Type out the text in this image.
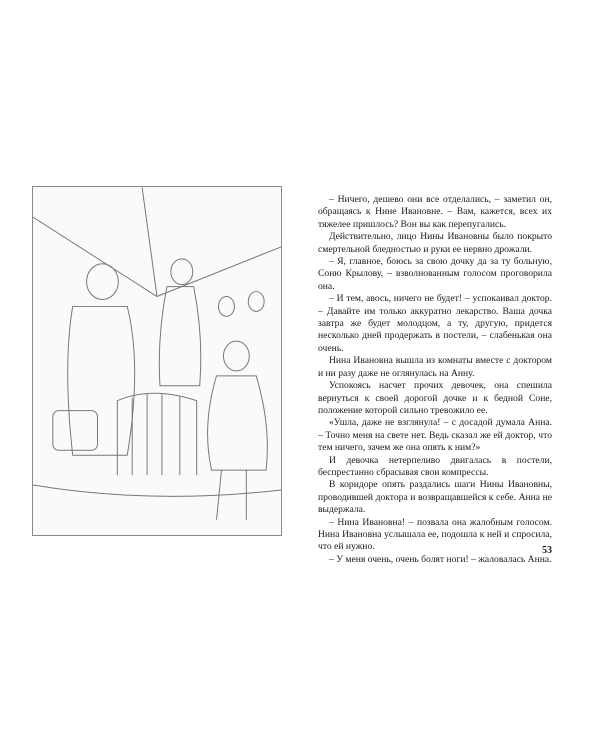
– Ничего, дешево они все отделались, – заметил он, обращаясь к Нине Ивановне. – Вам, кажется, всех их тяжелее пришлось? Вон вы как перепугались.

Действительно, лицо Нины Ивановны было покрыто смертельной бледностью и руки ее нервно дрожали.

– Я, главное, боюсь за свою дочку да за ту больную, Соню Крылову, – взволнованным голосом проговорила она.

– И тем, авось, ничего не будет! – успокаивал доктор. – Давайте им только аккуратно лекарство. Ваша дочка завтра же будет молодцом, а ту, другую, придется несколько дней продержать в постели, – слабенькая она очень.

Нина Ивановна вышла из комнаты вместе с доктором и ни разу даже не оглянулась на Анну.

Успокоясь насчет прочих девочек, она спешила вернуться к своей дорогой дочке и к бедной Соне, положение которой сильно тревожило ее.

«Ушла, даже не взглянула! – с досадой думала Анна. – Точно меня на свете нет. Ведь сказал же ей доктор, что тем ничего, зачем же она опять к ним?»

И девочка нетерпеливо двигалась в постели, беспрестанно сбрасывая свои компрессы.

В коридоре опять раздались шаги Нины Ивановны, проводившей доктора и возвращавшейся к себе. Анна не выдержала.

– Нина Ивановна! – позвала она жалобным голосом. Нина Ивановна услышала ее, подошла к ней и спросила, что ей нужно.

– У меня очень, очень болят ноги! – жаловалась Анна.

53
